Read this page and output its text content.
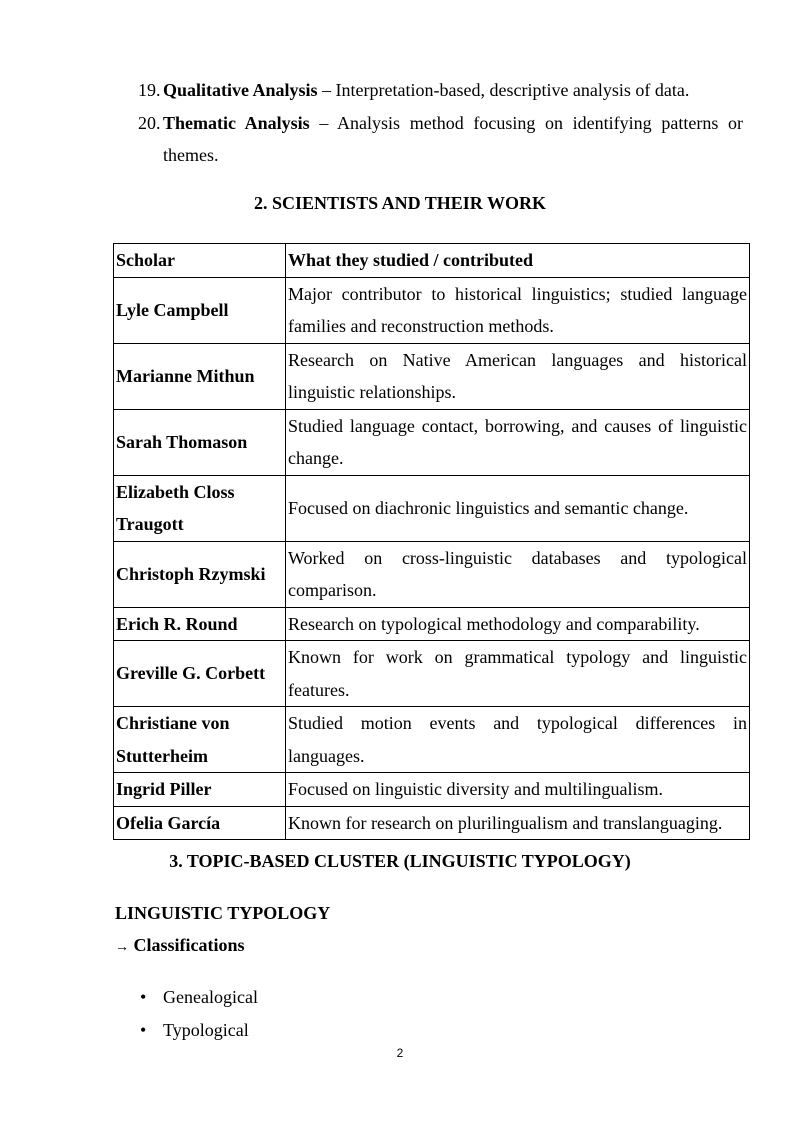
19. Qualitative Analysis – Interpretation-based, descriptive analysis of data.
20. Thematic Analysis – Analysis method focusing on identifying patterns or themes.
2. SCIENTISTS AND THEIR WORK
Scholar	What they studied / contributed
Lyle Campbell	Major contributor to historical linguistics; studied language families and reconstruction methods.
Marianne Mithun	Research on Native American languages and historical linguistic relationships.
Sarah Thomason	Studied language contact, borrowing, and causes of linguistic change.
Elizabeth Closs Traugott	Focused on diachronic linguistics and semantic change.
Christoph Rzymski	Worked on cross-linguistic databases and typological comparison.
Erich R. Round	Research on typological methodology and comparability.
Greville G. Corbett	Known for work on grammatical typology and linguistic features.
Christiane von Stutterheim	Studied motion events and typological differences in languages.
Ingrid Piller	Focused on linguistic diversity and multilingualism.
Ofelia García	Known for research on plurilingualism and translanguaging.
3. TOPIC-BASED CLUSTER (LINGUISTIC TYPOLOGY)
LINGUISTIC TYPOLOGY
→ Classifications
• Genealogical
• Typological
2
